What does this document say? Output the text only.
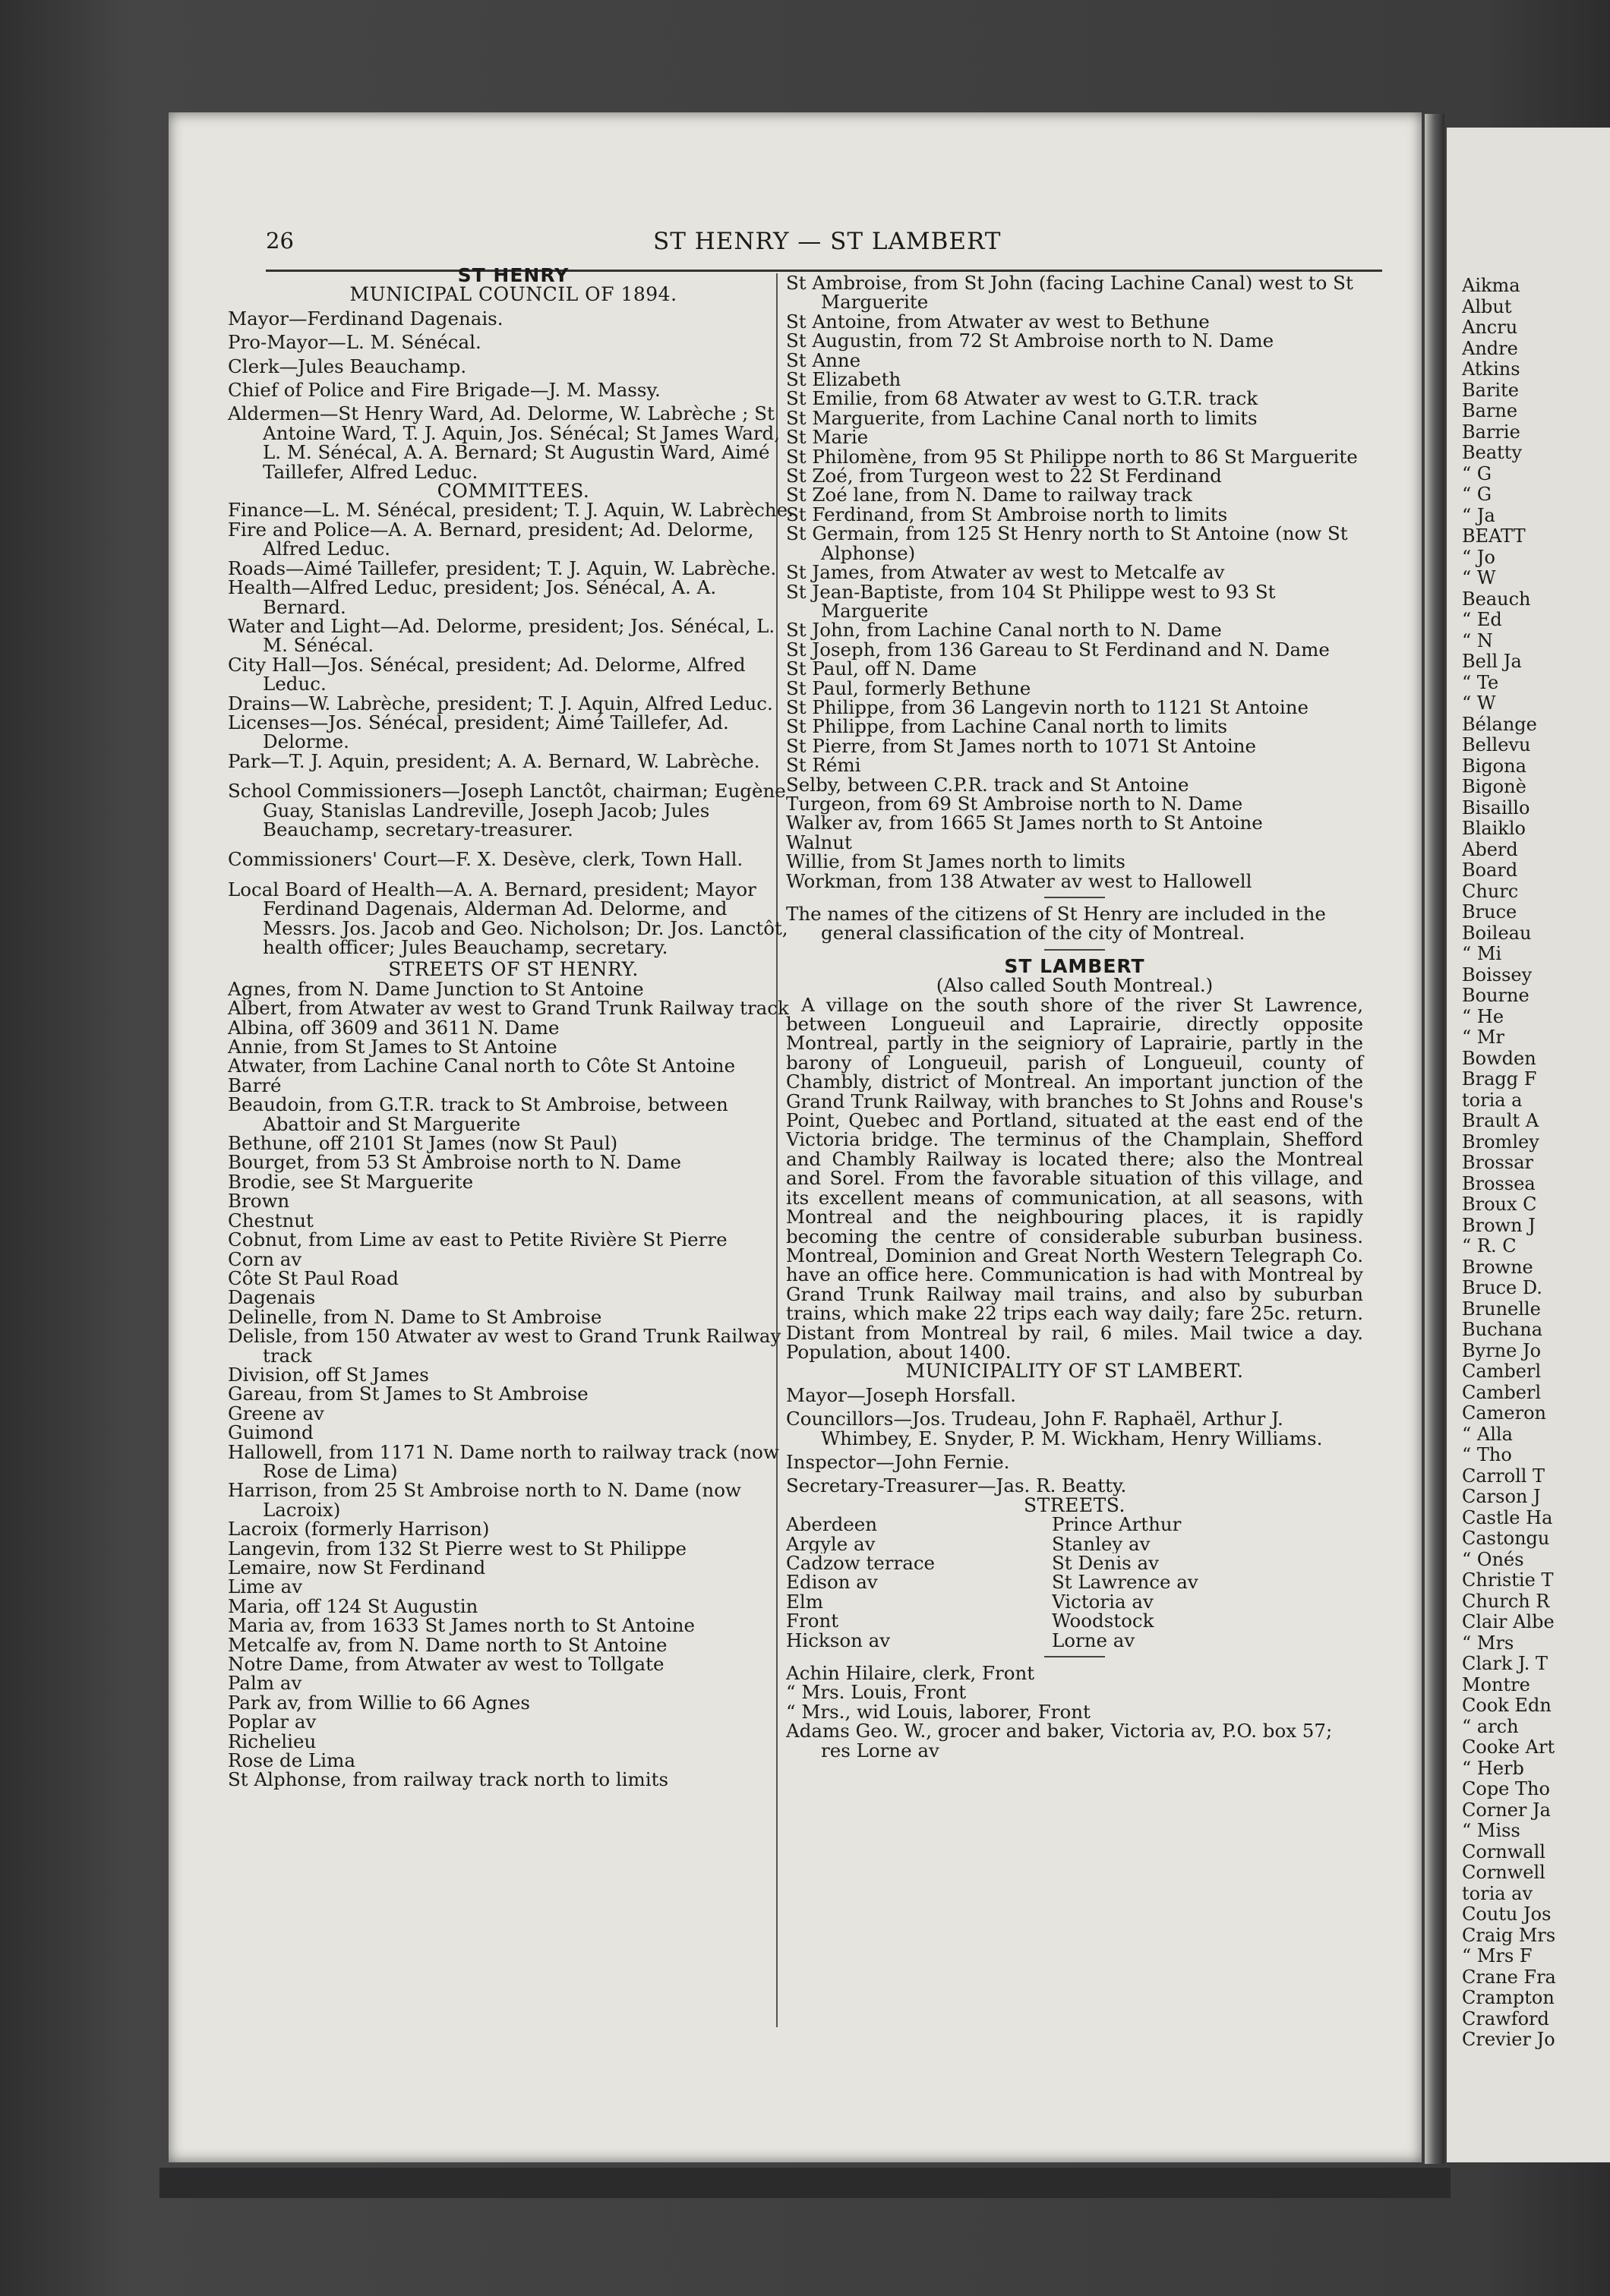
Aikma
Albut
Ancru
Andre
Atkins
Barite
Barne
Barrie
Beatty
“ G
“ G
“ Ja
BEATT
“ Jo
“ W
Beauch
“ Ed
“ N
Bell Ja
“ Te
“ W
Bélange
Bellevu
Bigona
Bigonè
Bisaillo
Blaiklo
Aberd
Board
Churc
Bruce
Boileau
“ Mi
Boissey
Bourne
“ He
“ Mr
Bowden
Bragg F
toria a
Brault A
Bromley
Brossar
Brossea
Broux C
Brown J
“ R. C
Browne
Bruce D.
Brunelle
Buchana
Byrne Jo
Camberl
Camberl
Cameron
“ Alla
“ Tho
Carroll T
Carson J
Castle Ha
Castongu
“ Onés
Christie T
Church R
Clair Albe
“ Mrs
Clark J. T
Montre
Cook Edn
“ arch
Cooke Art
“ Herb
Cope Tho
Corner Ja
“ Miss
Cornwall
Cornwell
toria av
Coutu Jos
Craig Mrs
“ Mrs F
Crane Fra
Crampton
Crawford
Crevier Jo
26	ST HENRY — ST LAMBERT
ST HENRY
MUNICIPAL COUNCIL OF 1894.
Mayor—Ferdinand Dagenais.
Pro-Mayor—L. M. Sénécal.
Clerk—Jules Beauchamp.
Chief of Police and Fire Brigade—J. M. Massy.
Aldermen—St Henry Ward, Ad. Delorme, W. Labrèche ; St Antoine Ward, T. J. Aquin, Jos. Sénécal; St James Ward, L. M. Sénécal, A. A. Bernard; St Augustin Ward, Aimé Taillefer, Alfred Leduc.
COMMITTEES.
Finance—L. M. Sénécal, president; T. J. Aquin, W. Labrèche.
Fire and Police—A. A. Bernard, president; Ad. Delorme, Alfred Leduc.
Roads—Aimé Taillefer, president; T. J. Aquin, W. Labrèche.
Health—Alfred Leduc, president; Jos. Sénécal, A. A. Bernard.
Water and Light—Ad. Delorme, president; Jos. Sénécal, L. M. Sénécal.
City Hall—Jos. Sénécal, president; Ad. Delorme, Alfred Leduc.
Drains—W. Labrèche, president; T. J. Aquin, Alfred Leduc.
Licenses—Jos. Sénécal, president; Aimé Taillefer, Ad. Delorme.
Park—T. J. Aquin, president; A. A. Bernard, W. Labrèche.
School Commissioners—Joseph Lanctôt, chairman; Eugène Guay, Stanislas Landreville, Joseph Jacob; Jules Beauchamp, secretary-treasurer.
Commissioners' Court—F. X. Desève, clerk, Town Hall.
Local Board of Health—A. A. Bernard, president; Mayor Ferdinand Dagenais, Alderman Ad. Delorme, and Messrs. Jos. Jacob and Geo. Nicholson; Dr. Jos. Lanctôt, health officer; Jules Beauchamp, secretary.
STREETS OF ST HENRY.
Agnes, from N. Dame Junction to St Antoine
Albert, from Atwater av west to Grand Trunk Railway track
Albina, off 3609 and 3611 N. Dame
Annie, from St James to St Antoine
Atwater, from Lachine Canal north to Côte St Antoine
Barré
Beaudoin, from G.T.R. track to St Ambroise, between Abattoir and St Marguerite
Bethune, off 2101 St James (now St Paul)
Bourget, from 53 St Ambroise north to N. Dame
Brodie, see St Marguerite
Brown
Chestnut
Cobnut, from Lime av east to Petite Rivière St Pierre
Corn av
Côte St Paul Road
Dagenais
Delinelle, from N. Dame to St Ambroise
Delisle, from 150 Atwater av west to Grand Trunk Railway track
Division, off St James
Gareau, from St James to St Ambroise
Greene av
Guimond
Hallowell, from 1171 N. Dame north to railway track (now Rose de Lima)
Harrison, from 25 St Ambroise north to N. Dame (now Lacroix)
Lacroix (formerly Harrison)
Langevin, from 132 St Pierre west to St Philippe
Lemaire, now St Ferdinand
Lime av
Maria, off 124 St Augustin
Maria av, from 1633 St James north to St Antoine
Metcalfe av, from N. Dame north to St Antoine
Notre Dame, from Atwater av west to Tollgate
Palm av
Park av, from Willie to 66 Agnes
Poplar av
Richelieu
Rose de Lima
St Alphonse, from railway track north to limits
St Ambroise, from St John (facing Lachine Canal) west to St Marguerite
St Antoine, from Atwater av west to Bethune
St Augustin, from 72 St Ambroise north to N. Dame
St Anne
St Elizabeth
St Emilie, from 68 Atwater av west to G.T.R. track
St Marguerite, from Lachine Canal north to limits
St Marie
St Philomène, from 95 St Philippe north to 86 St Marguerite
St Zoé, from Turgeon west to 22 St Ferdinand
St Zoé lane, from N. Dame to railway track
St Ferdinand, from St Ambroise north to limits
St Germain, from 125 St Henry north to St Antoine (now St Alphonse)
St James, from Atwater av west to Metcalfe av
St Jean-Baptiste, from 104 St Philippe west to 93 St Marguerite
St John, from Lachine Canal north to N. Dame
St Joseph, from 136 Gareau to St Ferdinand and N. Dame
St Paul, off N. Dame
St Paul, formerly Bethune
St Philippe, from 36 Langevin north to 1121 St Antoine
St Philippe, from Lachine Canal north to limits
St Pierre, from St James north to 1071 St Antoine
St Rémi
Selby, between C.P.R. track and St Antoine
Turgeon, from 69 St Ambroise north to N. Dame
Walker av, from 1665 St James north to St Antoine
Walnut
Willie, from St James north to limits
Workman, from 138 Atwater av west to Hallowell
The names of the citizens of St Henry are included in the general classification of the city of Montreal.
ST LAMBERT
(Also called South Montreal.)
A village on the south shore of the river St Lawrence, between Longueuil and Laprairie, directly opposite Montreal, partly in the seigniory of Laprairie, partly in the barony of Longueuil, parish of Longueuil, county of Chambly, district of Montreal. An important junction of the Grand Trunk Railway, with branches to St Johns and Rouse's Point, Quebec and Portland, situated at the east end of the Victoria bridge. The terminus of the Champlain, Shefford and Chambly Railway is located there; also the Montreal and Sorel. From the favorable situation of this village, and its excellent means of communication, at all seasons, with Montreal and the neighbouring places, it is rapidly becoming the centre of considerable suburban business. Montreal, Dominion and Great North Western Telegraph Co. have an office here. Communication is had with Montreal by Grand Trunk Railway mail trains, and also by suburban trains, which make 22 trips each way daily; fare 25c. return. Distant from Montreal by rail, 6 miles. Mail twice a day. Population, about 1400.
MUNICIPALITY OF ST LAMBERT.
Mayor—Joseph Horsfall.
Councillors—Jos. Trudeau, John F. Raphaël, Arthur J. Whimbey, E. Snyder, P. M. Wickham, Henry Williams.
Inspector—John Fernie.
Secretary-Treasurer—Jas. R. Beatty.
STREETS.
Aberdeen
Argyle av
Cadzow terrace
Edison av
Elm
Front
Hickson av
Prince Arthur
Stanley av
St Denis av
St Lawrence av
Victoria av
Woodstock
Lorne av
Achin Hilaire, clerk, Front
“ Mrs. Louis, Front
“ Mrs., wid Louis, laborer, Front
Adams Geo. W., grocer and baker, Victoria av, P.O. box 57; res Lorne av
